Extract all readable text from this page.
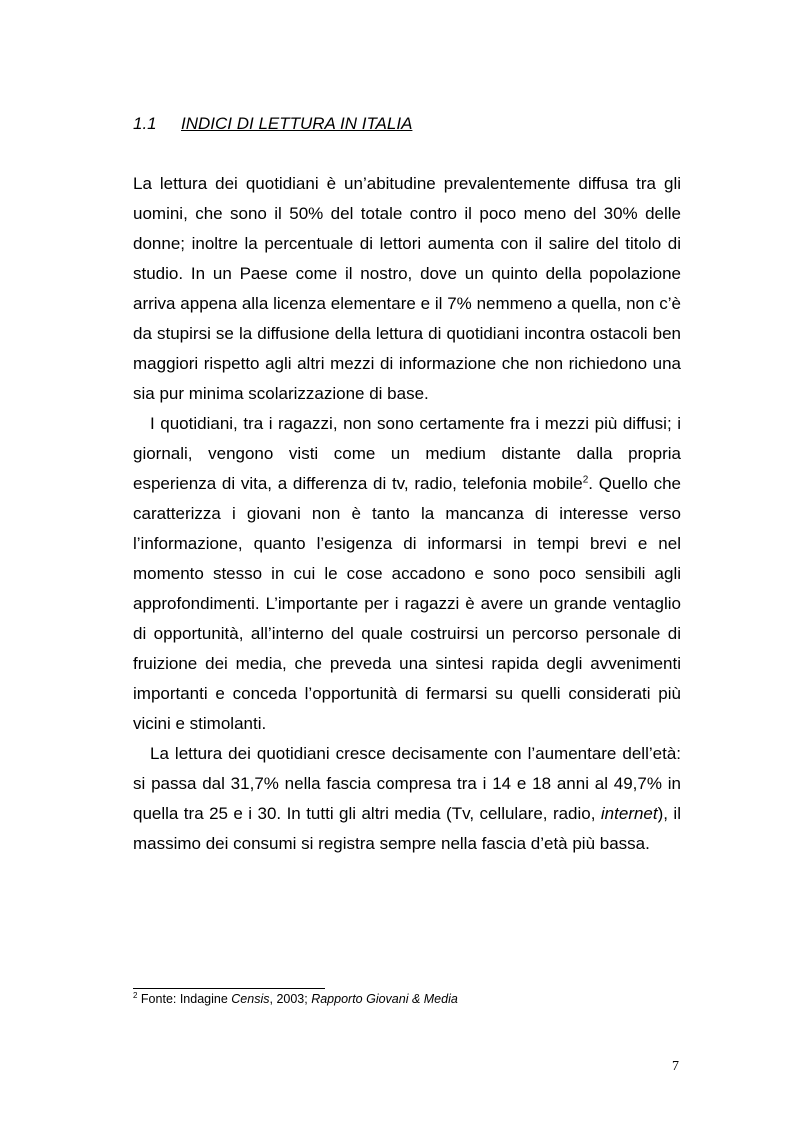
1.1 INDICI DI LETTURA IN ITALIA

La lettura dei quotidiani è un’abitudine prevalentemente diffusa tra gli uomini, che sono il 50% del totale contro il poco meno del 30% delle donne; inoltre la percentuale di lettori aumenta con il salire del titolo di studio. In un Paese come il nostro, dove un quinto della popolazione arriva appena alla licenza elementare e il 7% nemmeno a quella, non c’è da stupirsi se la diffusione della lettura di quotidiani incontra ostacoli ben maggiori rispetto agli altri mezzi di informazione che non richiedono una sia pur minima scolarizzazione di base.

I quotidiani, tra i ragazzi, non sono certamente fra i mezzi più diffusi; i giornali, vengono visti come un medium distante dalla propria esperienza di vita, a differenza di tv, radio, telefonia mobile$^2$. Quello che caratterizza i giovani non è tanto la mancanza di interesse verso l’informazione, quanto l’esigenza di informarsi in tempi brevi e nel momento stesso in cui le cose accadono e sono poco sensibili agli approfondimenti. L’importante per i ragazzi è avere un grande ventaglio di opportunità, all’interno del quale costruirsi un percorso personale di fruizione dei media, che preveda una sintesi rapida degli avvenimenti importanti e conceda l’opportunità di fermarsi su quelli considerati più vicini e stimolanti.

La lettura dei quotidiani cresce decisamente con l’aumentare dell’età: si passa dal 31,7% nella fascia compresa tra i 14 e 18 anni al 49,7% in quella tra 25 e i 30. In tutti gli altri media (Tv, cellulare, radio, internet), il massimo dei consumi si registra sempre nella fascia d’età più bassa.

$^2$ Fonte: Indagine Censis, 2003; Rapporto Giovani & Media
7
